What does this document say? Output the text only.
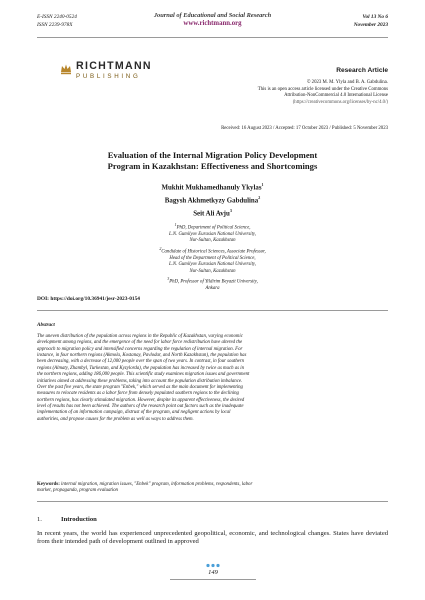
E-ISSN 2240-0524
ISSN 2239-978X
Journal of Educational and Social Research
www.richtmann.org
Vol 13 No 6
November 2023
RICHTMANN
PUBLISHING
Research Article
© 2023 M. M. Ylyla and B. A. Gabdulina.
This is an open access article licensed under the Creative Commons
Attribution-NonCommercial 4.0 International License
(https://creativecommons.org/licenses/by-nc/4.0/)
Received: 16 August 2023 / Accepted: 17 October 2023 / Published: 5 November 2023
Evaluation of the Internal Migration Policy Development
Program in Kazakhstan: Effectiveness and Shortcomings
Mukhit Mukhamedhanuly Ykylas$^1$
Bagysh Akhmetkyzy Gabdulina$^2$
Seit Ali Avju$^3$
$^1$PhD, Department of Political Science,
L.N. Gumilyov Eurasian National University,
Nur-Sultan, Kazakhstan
$^2$Candidate of Historical Sciences, Associate Professor,
Head of the Department of Political Science,
L.N. Gumilyov Eurasian National University,
Nur-Sultan, Kazakhstan
$^3$PhD, Professor of Yildirim Beyazit University,
Ankara
DOI: https://doi.org/10.36941/jesr-2023-0154
Abstract
The uneven distribution of the population across regions in the Republic of Kazakhstan, varying economic
development among regions, and the emergence of the need for labor force redistribution have altered the
approach to migration policy and intensified concerns regarding the regulation of internal migration. For
instance, in four northern regions (Akmola, Kostanay, Pavlodar, and North Kazakhstan), the population has
been decreasing, with a decrease of 12,000 people over the span of two years. In contrast, in four southern
regions (Almaty, Zhambyl, Turkestan, and Kyzylorda), the population has increased by twice as much as in
the northern regions, adding 186,000 people. This scientific study examines migration issues and government
initiatives aimed at addressing these problems, taking into account the population distribution imbalance.
Over the past five years, the state program "Enbek," which served as the main document for implementing
measures to relocate residents as a labor force from densely populated southern regions to the declining
northern regions, has clearly stimulated migration. However, despite its apparent effectiveness, the desired
level of results has not been achieved. The authors of the research point out factors such as the inadequate
implementation of an information campaign, distrust of the program, and negligent actions by local
authorities, and propose causes for the problem as well as ways to address them.
Keywords: internal migration, migration issues, "Enbek" program, information problems, respondents, labor
market, propaganda, program evaluation
1.	Introduction
In recent years, the world has experienced unprecedented geopolitical, economic, and technological changes. States have deviated from their intended path of development outlined in approved
149
